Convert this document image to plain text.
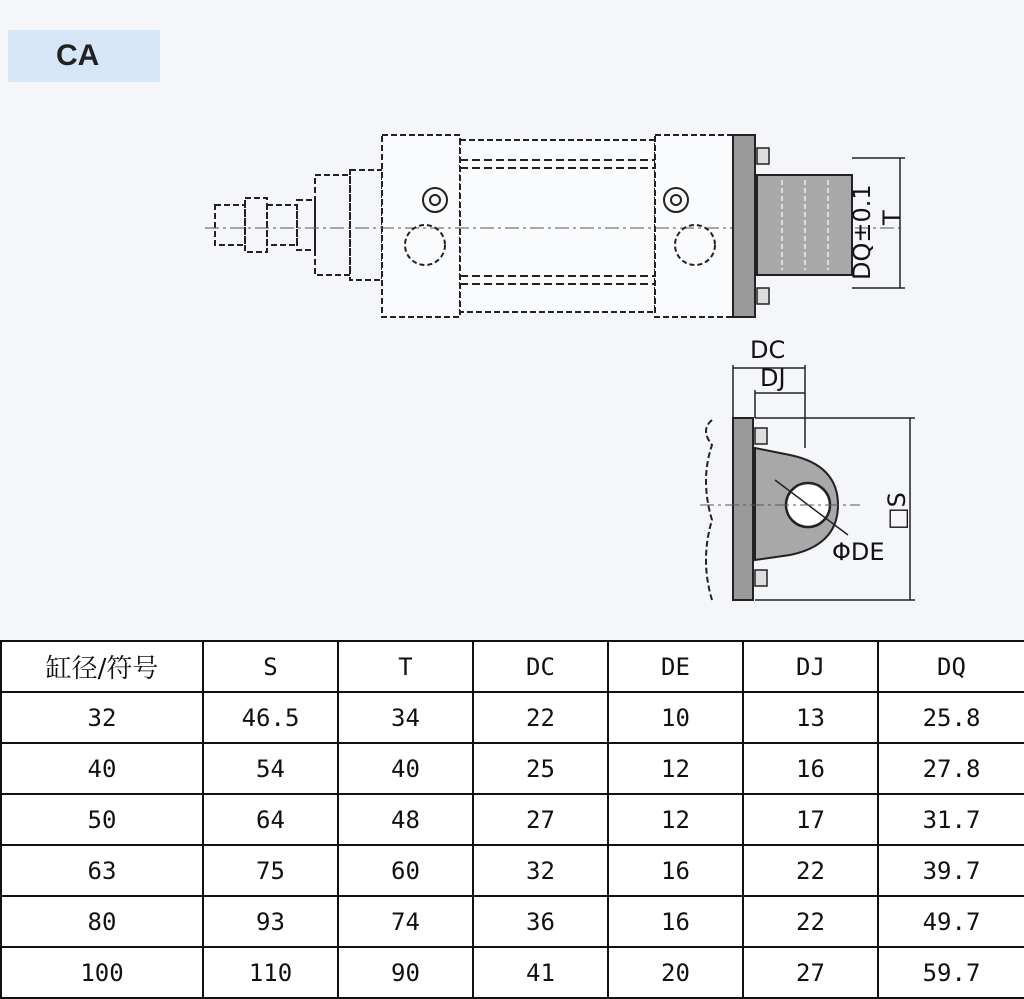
CA
DQ±0.1 T
DC
DJ
□S
ΦDE
缸径/符号	S	T	DC	DE	DJ	DQ
32	46.5	34	22	10	13	25.8
40	54	40	25	12	16	27.8
50	64	48	27	12	17	31.7
63	75	60	32	16	22	39.7
80	93	74	36	16	22	49.7
100	110	90	41	20	27	59.7
